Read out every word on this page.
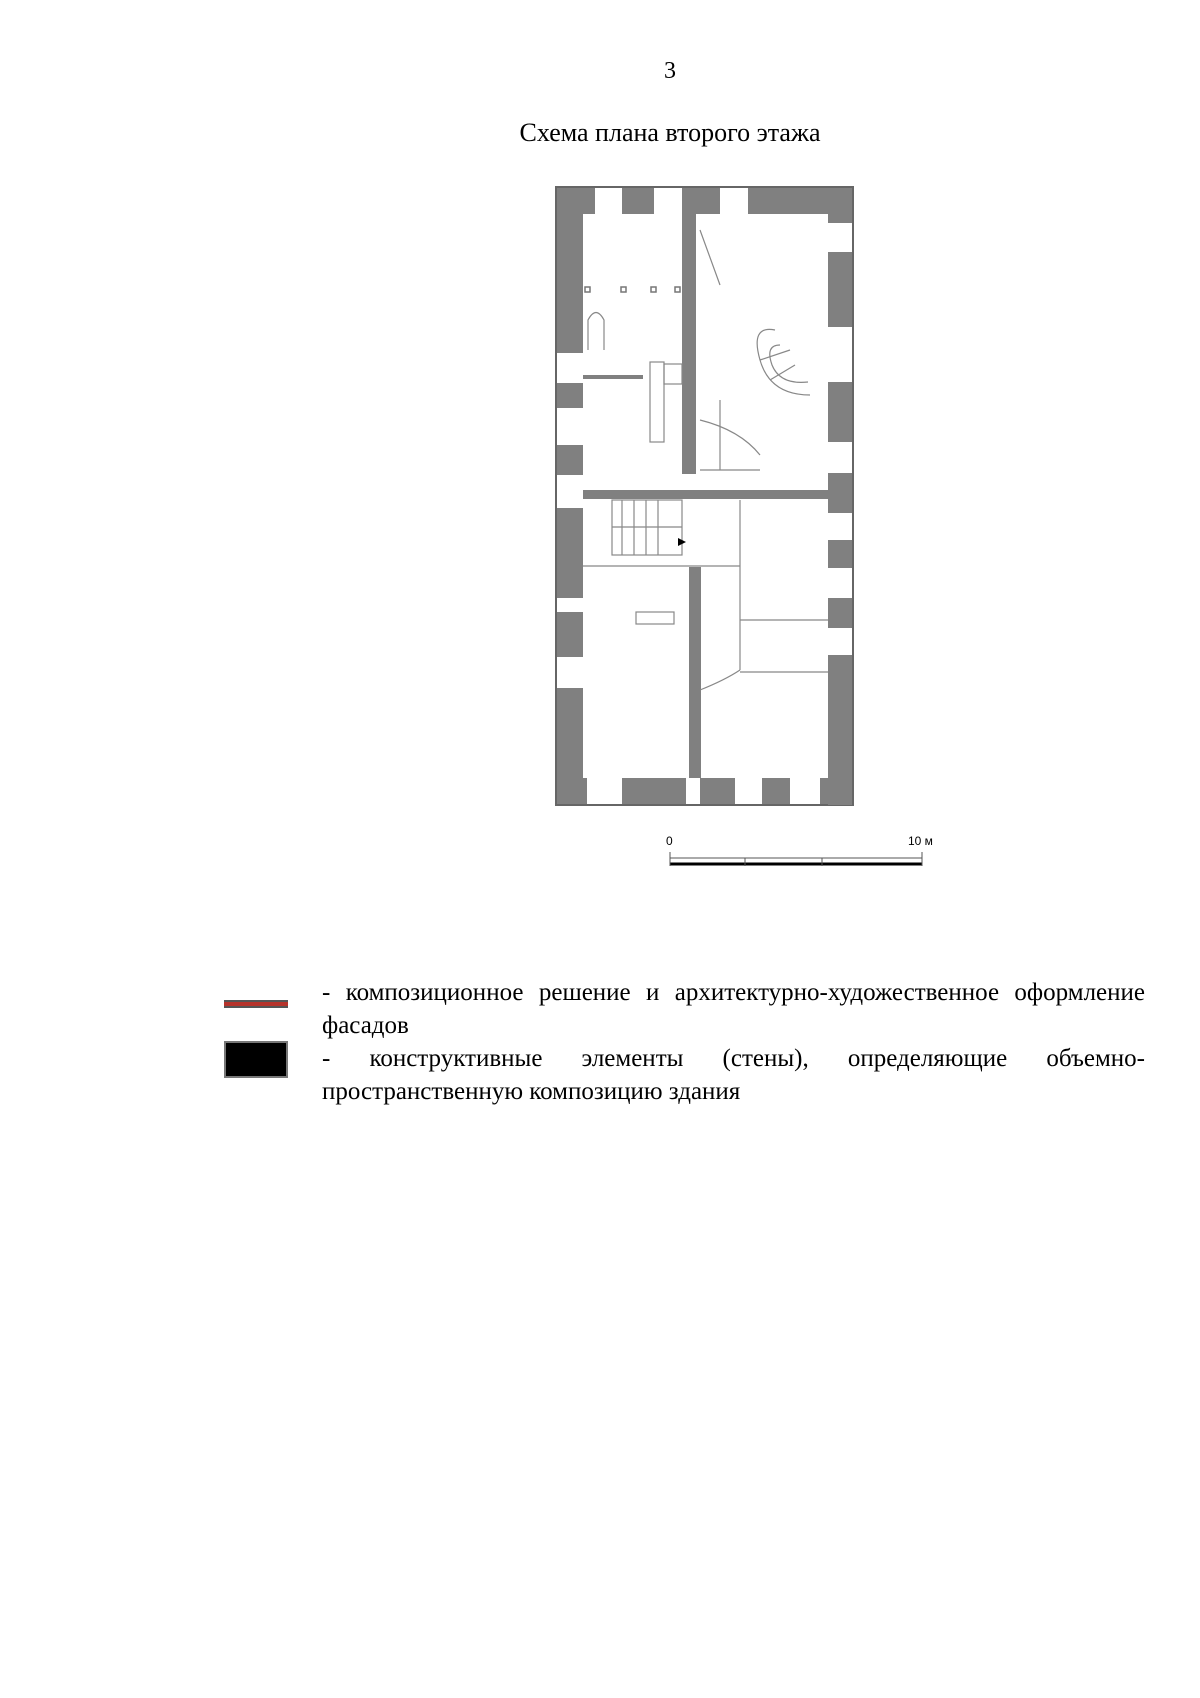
3
Схема плана второго этажа
0	10 м
- композиционное решение и архитектурно-художественное оформление фасадов
- конструктивные элементы (стены), определяющие объемно-пространственную композицию здания
